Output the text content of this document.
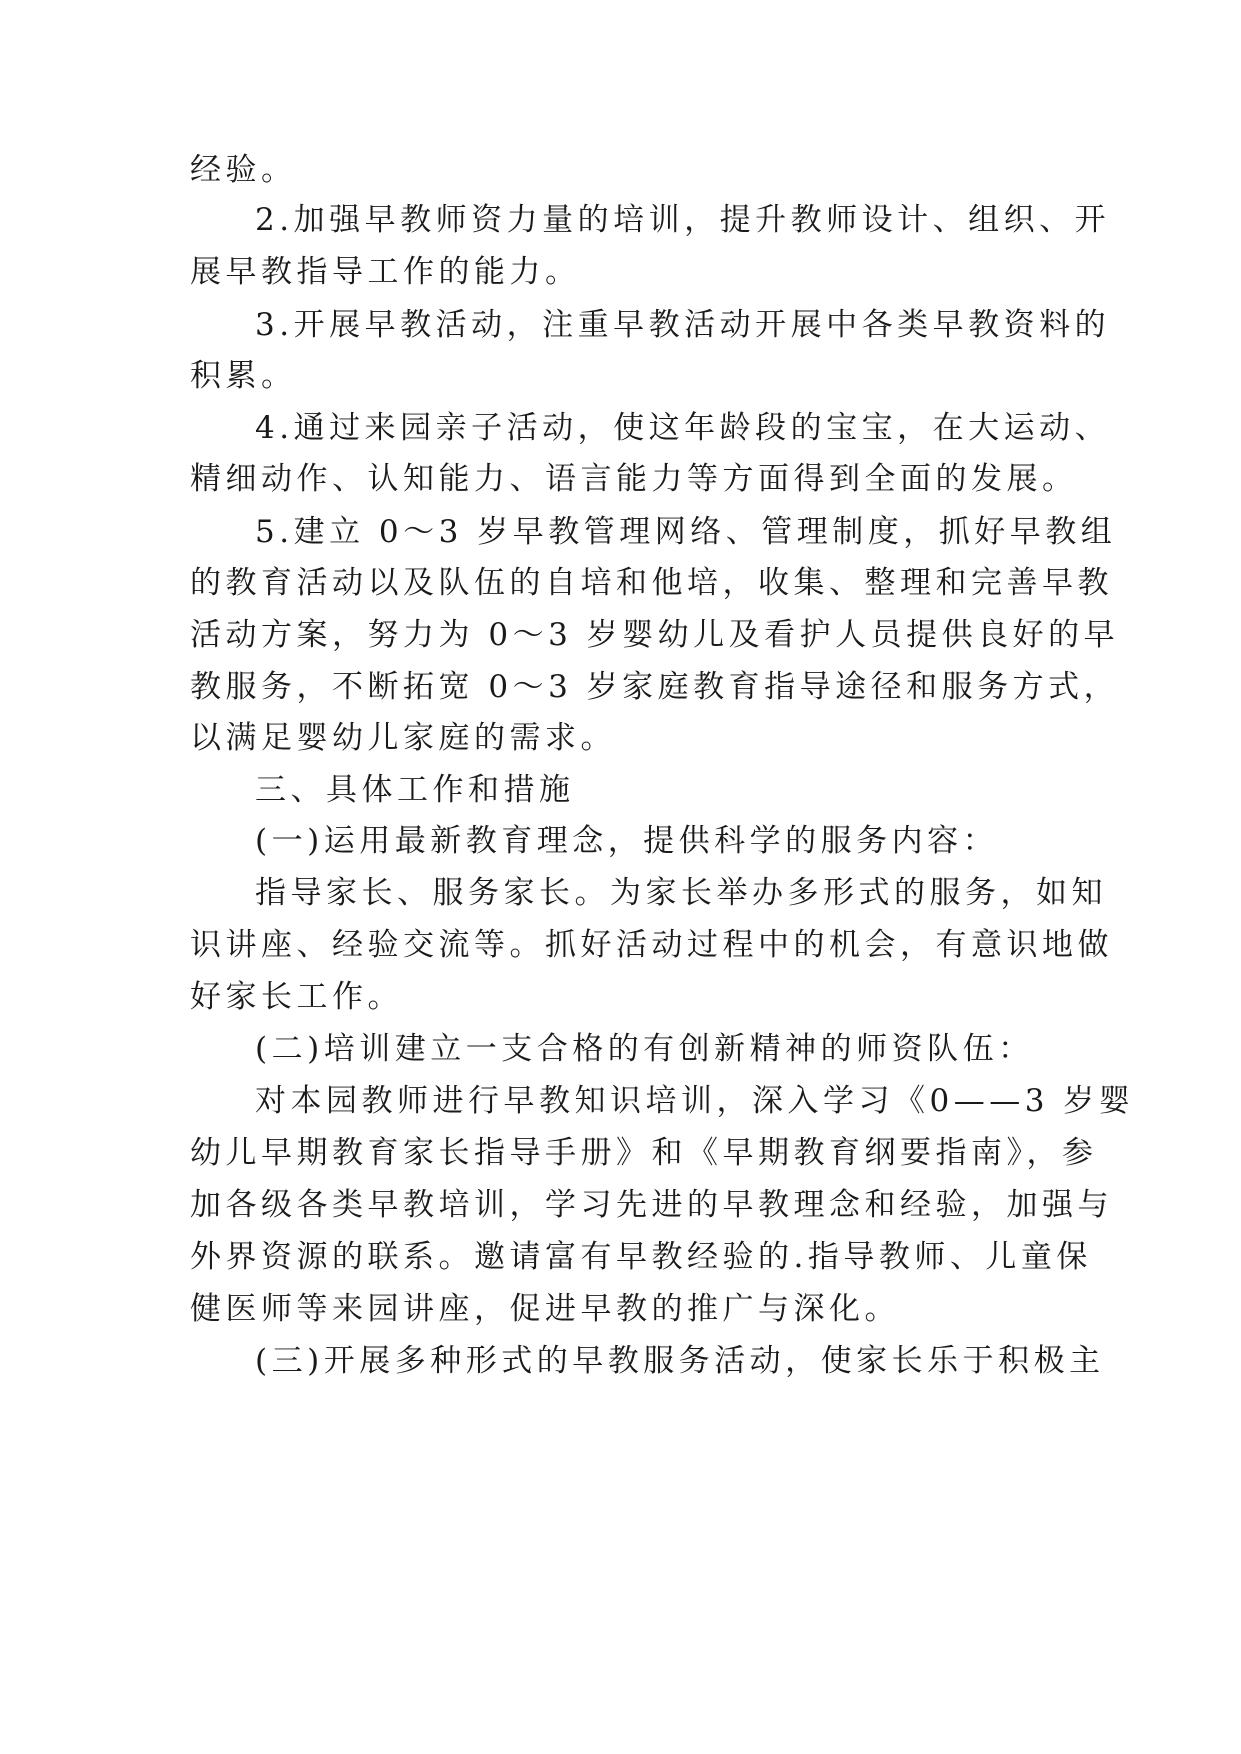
经验。
2.加强早教师资力量的培训，提升教师设计、组织、开
展早教指导工作的能力。
3.开展早教活动，注重早教活动开展中各类早教资料的
积累。
4.通过来园亲子活动，使这年龄段的宝宝，在大运动、
精细动作、认知能力、语言能力等方面得到全面的发展。
5.建立 0～3 岁早教管理网络、管理制度，抓好早教组
的教育活动以及队伍的自培和他培，收集、整理和完善早教
活动方案，努力为 0～3 岁婴幼儿及看护人员提供良好的早
教服务，不断拓宽 0～3 岁家庭教育指导途径和服务方式，
以满足婴幼儿家庭的需求。
三、具体工作和措施
(一)运用最新教育理念，提供科学的服务内容：
指导家长、服务家长。为家长举办多形式的服务，如知
识讲座、经验交流等。抓好活动过程中的机会，有意识地做
好家长工作。
(二)培训建立一支合格的有创新精神的师资队伍：
对本园教师进行早教知识培训，深入学习《0——3 岁婴
幼儿早期教育家长指导手册》和《早期教育纲要指南》，参
加各级各类早教培训，学习先进的早教理念和经验，加强与
外界资源的联系。邀请富有早教经验的.指导教师、儿童保
健医师等来园讲座，促进早教的推广与深化。
(三)开展多种形式的早教服务活动，使家长乐于积极主
